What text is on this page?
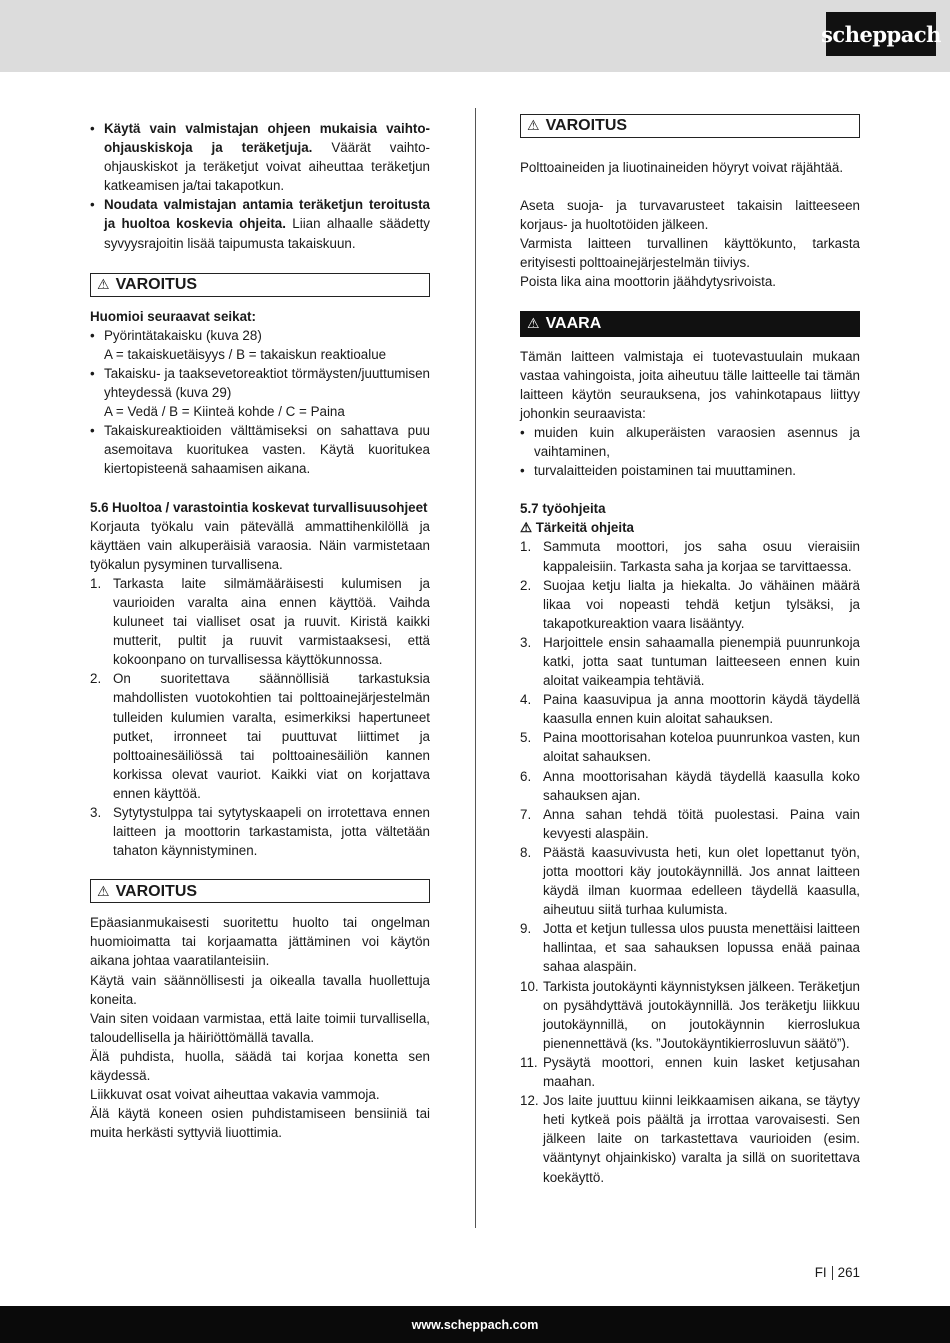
scheppach
• Käytä vain valmistajan ohjeen mukaisia vaihto-ohjauskiskoja ja teräketjuja. Väärät vaihto-ohjauskiskot ja teräketjut voivat aiheuttaa teräketjun katkeamisen ja/tai takapotkun.
• Noudata valmistajan antamia teräketjun teroitusta ja huoltoa koskevia ohjeita. Liian alhaalle säädetty syvyysrajoitin lisää taipumusta takaiskuun.
⚠ VAROITUS

Huomioi seuraavat seikat:

• Pyörintätakaisku (kuva 28)
A = takaiskuetäisyys / B = takaiskun reaktioalue
• Takaisku- ja taaksevetoreaktiot törmäysten/juuttumisen yhteydessä (kuva 29)
A = Vedä / B = Kiinteä kohde / C = Paina
• Takaiskureaktioiden välttämiseksi on sahattava puu asemoitava kuoritukea vasten. Käytä kuoritukea kiertopisteenä sahaamisen aikana.
5.6 Huoltoa / varastointia koskevat turvallisuusohjeet

Korjauta työkalu vain pätevällä ammattihenkilöllä ja käyttäen vain alkuperäisiä varaosia. Näin varmistetaan työkalun pysyminen turvallisena.

1. Tarkasta laite silmämääräisesti kulumisen ja vaurioiden varalta aina ennen käyttöä. Vaihda kuluneet tai vialliset osat ja ruuvit. Kiristä kaikki mutterit, pultit ja ruuvit varmistaaksesi, että kokoonpano on turvallisessa käyttökunnossa.
2. On suoritettava säännöllisiä tarkastuksia mahdollisten vuotokohtien tai polttoainejärjestelmän tulleiden kulumien varalta, esimerkiksi hapertuneet putket, irronneet tai puuttuvat liittimet ja polttoainesäiliössä tai polttoainesäiliön kannen korkissa olevat vauriot. Kaikki viat on korjattava ennen käyttöä.
3. Sytytystulppa tai sytytyskaapeli on irrotettava ennen laitteen ja moottorin tarkastamista, jotta vältetään tahaton käynnistyminen.
⚠ VAROITUS

Epäasianmukaisesti suoritettu huolto tai ongelman huomioimatta tai korjaamatta jättäminen voi käytön aikana johtaa vaaratilanteisiin.

Käytä vain säännöllisesti ja oikealla tavalla huollettuja koneita.

Vain siten voidaan varmistaa, että laite toimii turvallisella, taloudellisella ja häiriöttömällä tavalla.

Älä puhdista, huolla, säädä tai korjaa konetta sen käydessä.

Liikkuvat osat voivat aiheuttaa vakavia vammoja.

Älä käytä koneen osien puhdistamiseen bensiiniä tai muita herkästi syttyviä liuottimia.

⚠ VAROITUS

Polttoaineiden ja liuotinaineiden höyryt voivat räjähtää.

Aseta suoja- ja turvavarusteet takaisin laitteeseen korjaus- ja huoltotöiden jälkeen.

Varmista laitteen turvallinen käyttökunto, tarkasta erityisesti polttoainejärjestelmän tiiviys.

Poista lika aina moottorin jäähdytysrivoista.

⚠ VAARA

Tämän laitteen valmistaja ei tuotevastuulain mukaan vastaa vahingoista, joita aiheutuu tälle laitteelle tai tämän laitteen käytön seurauksena, jos vahinkotapaus liittyy johonkin seuraavista:

• muiden kuin alkuperäisten varaosien asennus ja vaihtaminen,
• turvalaitteiden poistaminen tai muuttaminen.

5.7 työohjeita

⚠ Tärkeitä ohjeita

1. Sammuta moottori, jos saha osuu vieraisiin kappaleisiin. Tarkasta saha ja korjaa se tarvittaessa.
2. Suojaa ketju lialta ja hiekalta. Jo vähäinen määrä likaa voi nopeasti tehdä ketjun tylsäksi, ja takapotkureaktion vaara lisääntyy.
3. Harjoittele ensin sahaamalla pienempiä puunrunkoja katki, jotta saat tuntuman laitteeseen ennen kuin aloitat vaikeampia tehtäviä.
4. Paina kaasuvipua ja anna moottorin käydä täydellä kaasulla ennen kuin aloitat sahauksen.
5. Paina moottorisahan koteloa puunrunkoa vasten, kun aloitat sahauksen.
6. Anna moottorisahan käydä täydellä kaasulla koko sahauksen ajan.
7. Anna sahan tehdä töitä puolestasi. Paina vain kevyesti alaspäin.
8. Päästä kaasuvivusta heti, kun olet lopettanut työn, jotta moottori käy joutokäynnillä. Jos annat laitteen käydä ilman kuormaa edelleen täydellä kaasulla, aiheutuu siitä turhaa kulumista.
9. Jotta et ketjun tullessa ulos puusta menettäisi laitteen hallintaa, et saa sahauksen lopussa enää painaa sahaa alaspäin.
10. Tarkista joutokäynti käynnistyksen jälkeen. Teräketjun on pysähdyttävä joutokäynnillä. Jos teräketju liikkuu joutokäynnillä, on joutokäynnin kierroslukua pienennettävä (ks. ”Joutokäyntikierrosluvun säätö”).
11. Pysäytä moottori, ennen kuin lasket ketjusahan maahan.
12. Jos laite juuttuu kiinni leikkaamisen aikana, se täytyy heti kytkeä pois päältä ja irrottaa varovaisesti. Sen jälkeen laite on tarkastettava vaurioiden (esim. vääntynyt ohjainkisko) varalta ja sillä on suoritettava koekäyttö.
FI 261
www.scheppach.com
